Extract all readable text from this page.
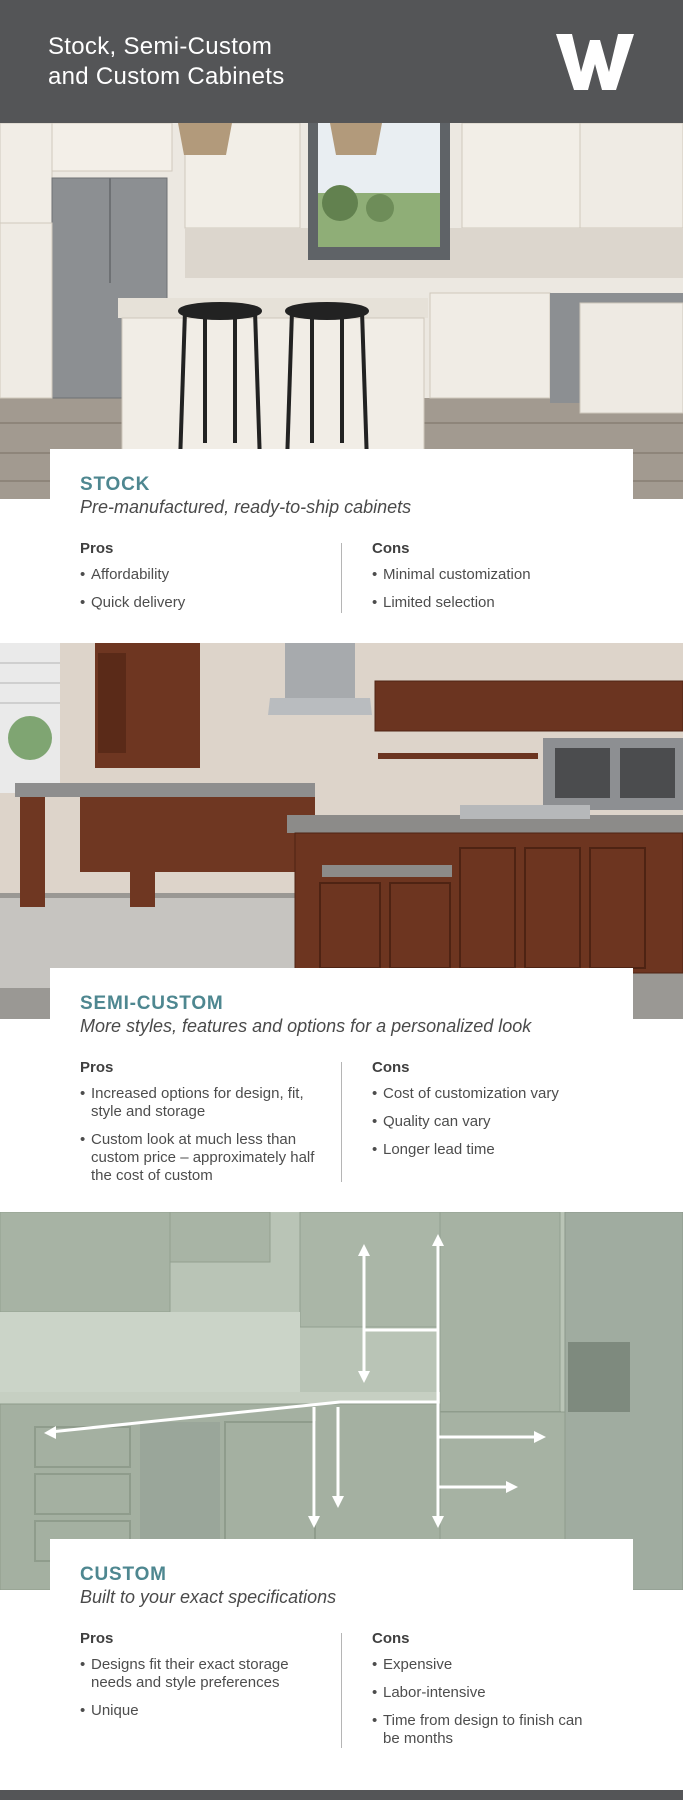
Stock, Semi-Custom
and Custom Cabinets
STOCK
Pre-manufactured, ready-to-ship cabinets
Pros
• Affordability
• Quick delivery
Cons
• Minimal customization
• Limited selection
SEMI-CUSTOM
More styles, features and options for a personalized look
Pros
• Increased options for design, fit, style and storage
• Custom look at much less than custom price – approximately half the cost of custom
Cons
• Cost of customization vary
• Quality can vary
• Longer lead time
CUSTOM
Built to your exact specifications
Pros
• Designs fit their exact storage needs and style preferences
• Unique
Cons
• Expensive
• Labor-intensive
• Time from design to finish can be months
